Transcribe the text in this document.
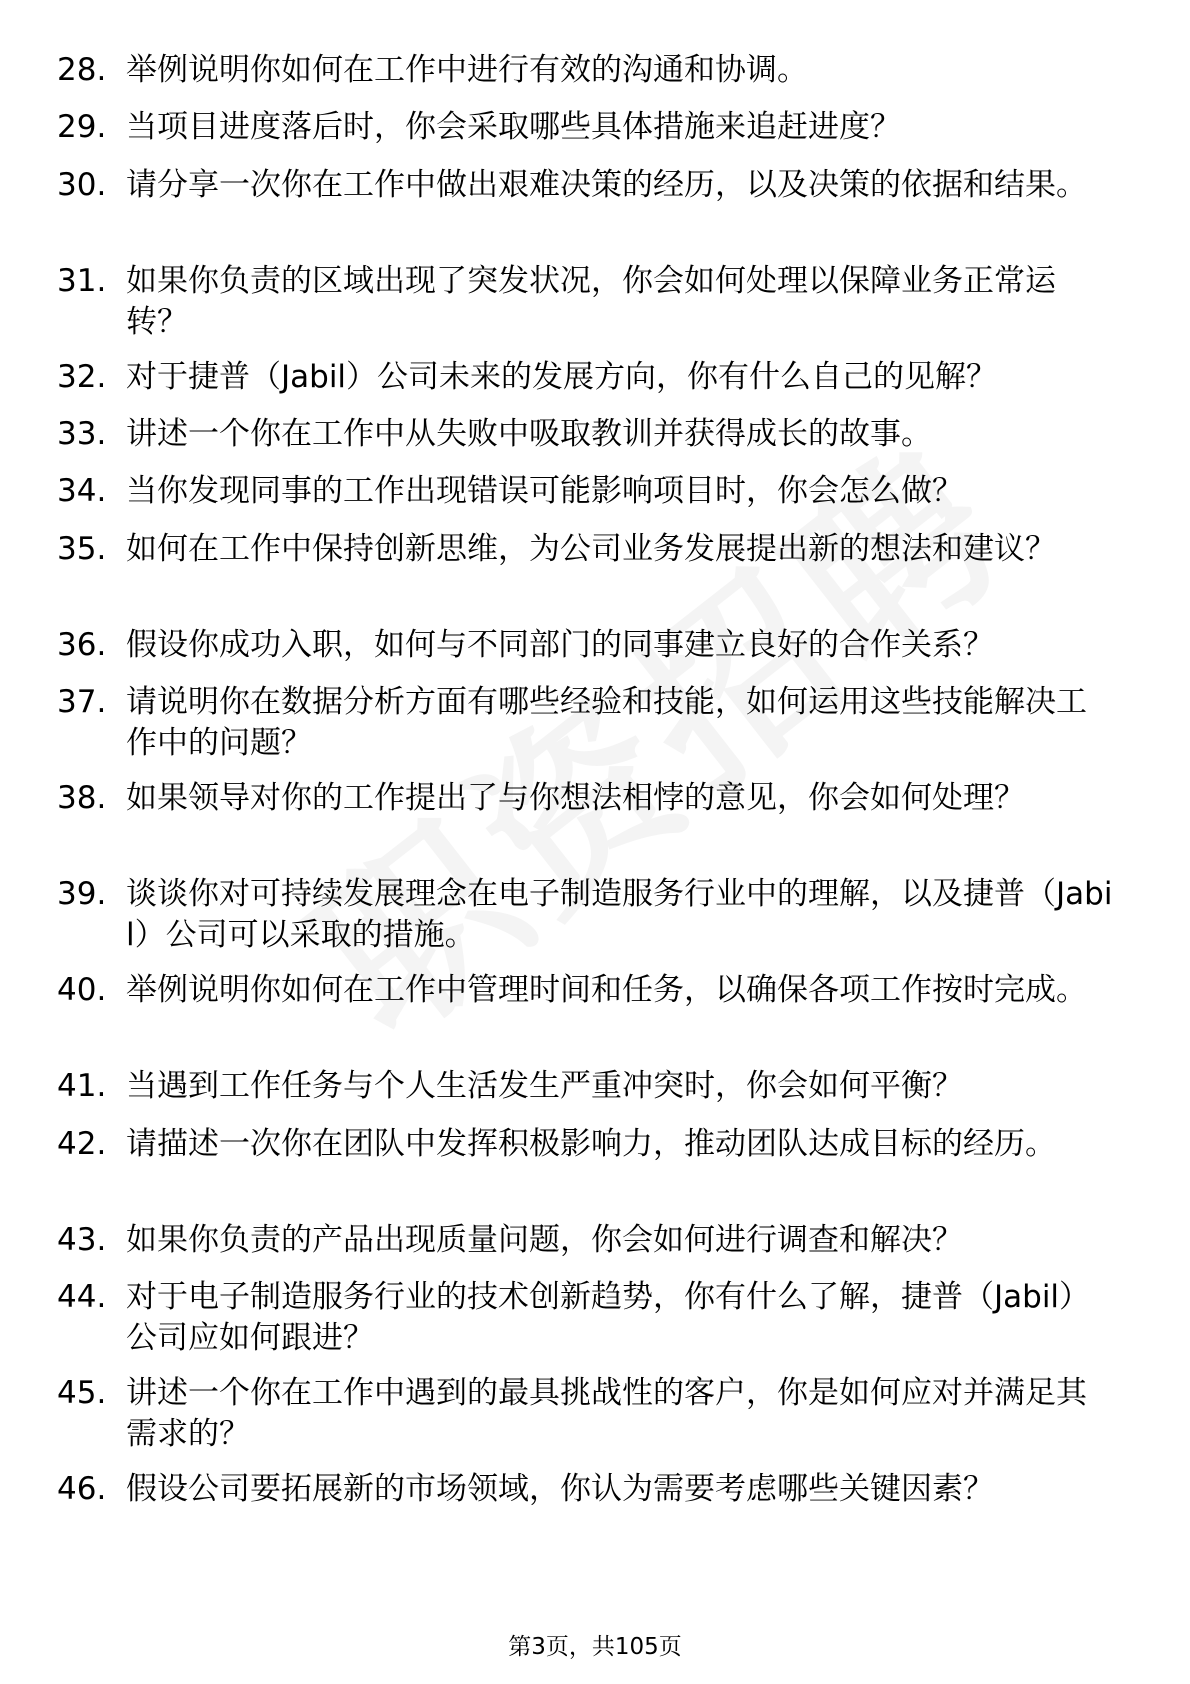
28. 举例说明你如何在工作中进行有效的沟通和协调。
29. 当项目进度落后时，你会采取哪些具体措施来追赶进度？
30. 请分享一次你在工作中做出艰难决策的经历，以及决策的依据和结果。
31. 如果你负责的区域出现了突发状况，你会如何处理以保障业务正常运转？
32. 对于捷普（Jabil）公司未来的发展方向，你有什么自己的见解？
33. 讲述一个你在工作中从失败中吸取教训并获得成长的故事。
34. 当你发现同事的工作出现错误可能影响项目时，你会怎么做？
35. 如何在工作中保持创新思维，为公司业务发展提出新的想法和建议？
36. 假设你成功入职，如何与不同部门的同事建立良好的合作关系？
37. 请说明你在数据分析方面有哪些经验和技能，如何运用这些技能解决工作中的问题？
38. 如果领导对你的工作提出了与你想法相悖的意见，你会如何处理？
39. 谈谈你对可持续发展理念在电子制造服务行业中的理解，以及捷普（Jabil）公司可以采取的措施。
40. 举例说明你如何在工作中管理时间和任务，以确保各项工作按时完成。
41. 当遇到工作任务与个人生活发生严重冲突时，你会如何平衡？
42. 请描述一次你在团队中发挥积极影响力，推动团队达成目标的经历。
43. 如果你负责的产品出现质量问题，你会如何进行调查和解决？
44. 对于电子制造服务行业的技术创新趋势，你有什么了解，捷普（Jabil）公司应如何跟进？
45. 讲述一个你在工作中遇到的最具挑战性的客户，你是如何应对并满足其需求的？
46. 假设公司要拓展新的市场领域，你认为需要考虑哪些关键因素？
第3页，共105页
